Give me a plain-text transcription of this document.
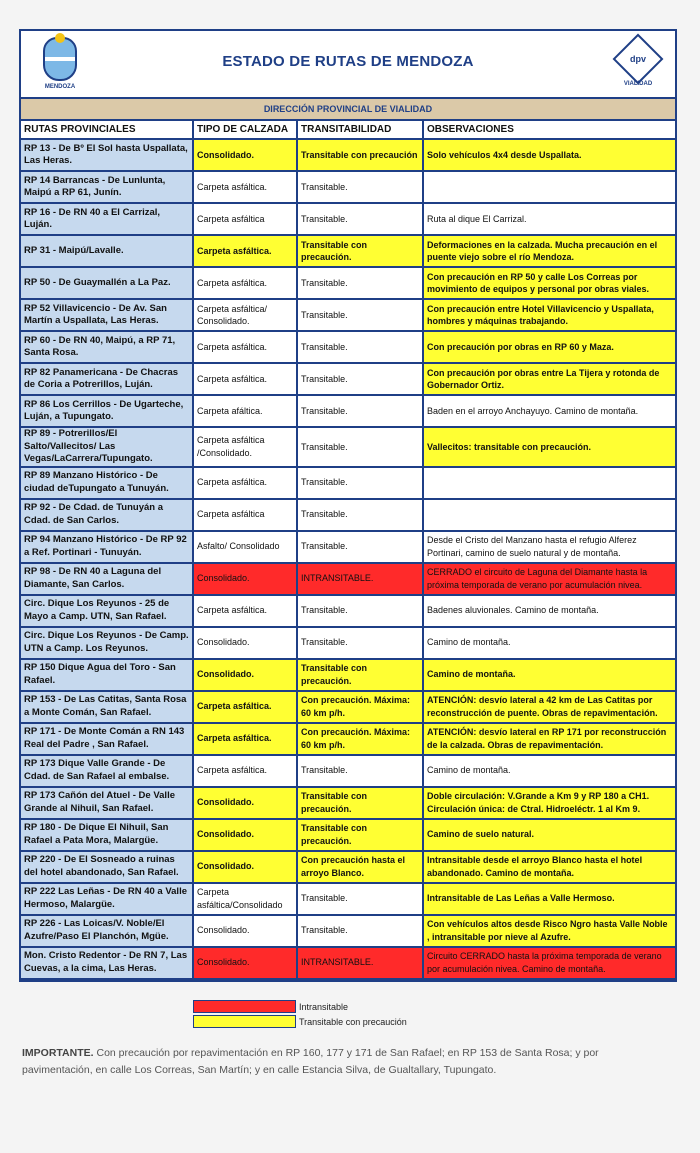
MENDOZA
ESTADO DE RUTAS DE MENDOZA	dpv
VIALIDAD
DIRECCIÓN PROVINCIAL DE VIALIDAD
RUTAS PROVINCIALES	TIPO DE CALZADA	TRANSITABILIDAD	OBSERVACIONES
RP 13 - De Bº El Sol hasta Uspallata, Las Heras.	Consolidado.	Transitable con precaución	Solo vehículos 4x4 desde Uspallata.
RP 14 Barrancas - De Lunlunta, Maipú a RP 61, Junín.	Carpeta asfáltica.	Transitable.	
RP 16 - De RN 40 a El Carrizal, Luján.	Carpeta asfáltica	Transitable.	Ruta al dique El Carrizal.
RP 31 - Maipú/Lavalle.	Carpeta asfáltica.	Transitable con precaución.	Deformaciones en la calzada. Mucha precaución en el puente viejo sobre el río Mendoza.
RP 50 - De Guaymallén a La Paz.	Carpeta asfáltica.	Transitable.	Con precaución en RP 50 y calle Los Correas por movimiento de equipos y personal por obras viales.
RP 52 Villavicencio - De Av. San Martín a Uspallata, Las Heras.	Carpeta asfáltica/ Consolidado.	Transitable.	Con precaución entre Hotel Villavicencio y Uspallata, hombres y máquinas trabajando.
RP 60 - De RN 40, Maipú, a RP 71, Santa Rosa.	Carpeta asfáltica.	Transitable.	Con precaución por obras en RP 60 y Maza.
RP 82 Panamericana - De Chacras de Coria a Potrerillos, Luján.	Carpeta asfáltica.	Transitable.	Con precaución por obras entre La Tijera y rotonda de Gobernador Ortiz.
RP 86 Los Cerrillos - De Ugarteche, Luján, a Tupungato.	Carpeta afáltica.	Transitable.	Baden en el arroyo Anchayuyo. Camino de montaña.
RP 89 - Potrerillos/El Salto/Vallecitos/ Las Vegas/LaCarrera/Tupungato.	Carpeta asfáltica /Consolidado.	Transitable.	Vallecitos: transitable con precaución.
RP 89 Manzano Histórico - De ciudad deTupungato a Tunuyán.	Carpeta asfáltica.	Transitable.	
RP 92 - De Cdad. de Tunuyán a Cdad. de San Carlos.	Carpeta asfáltica	Transitable.	
RP 94 Manzano Histórico - De RP 92 a Ref. Portinari - Tunuyán.	Asfalto/ Consolidado	Transitable.	Desde el Cristo del Manzano hasta el refugio Alferez Portinari, camino de suelo natural y de montaña.
RP 98 - De RN 40 a Laguna del Diamante, San Carlos.	Consolidado.	INTRANSITABLE.	CERRADO el circuito de Laguna del Diamante hasta la próxima temporada de verano por acumulación nivea.
Circ. Dique Los Reyunos - 25 de Mayo a Camp. UTN, San Rafael.	Carpeta asfáltica.	Transitable.	Badenes aluvionales. Camino de montaña.
Circ. Dique Los Reyunos - De Camp. UTN a Camp. Los Reyunos.	Consolidado.	Transitable.	Camino de montaña.
RP 150 Dique Agua del Toro - San Rafael.	Consolidado.	Transitable con precaución.	Camino de montaña.
RP 153 - De Las Catitas, Santa Rosa a Monte Comán, San Rafael.	Carpeta asfáltica.	Con precaución. Máxima: 60 km p/h.	ATENCIÓN: desvío lateral a 42 km de Las Catitas por reconstrucción de puente. Obras de repavimentación.
RP 171 - De Monte Comán a RN 143 Real del Padre , San Rafael.	Carpeta asfáltica.	Con precaución. Máxima: 60 km p/h.	ATENCIÓN: desvío lateral en RP 171 por reconstrucción de la calzada. Obras de repavimentación.
RP 173 Dique Valle Grande - De Cdad. de San Rafael al embalse.	Carpeta asfáltica.	Transitable.	Camino de montaña.
RP 173 Cañón del Atuel - De Valle Grande al Nihuil, San Rafael.	Consolidado.	Transitable con precaución.	Doble circulación: V.Grande a Km 9 y RP 180 a CH1. Circulación única: de Ctral. Hidroeléctr. 1 al Km 9.
RP 180 - De Dique El Nihuil, San Rafael a Pata Mora, Malargüe.	Consolidado.	Transitable con precaución.	Camino de suelo natural.
RP 220 - De El Sosneado a ruinas del hotel abandonado, San Rafael.	Consolidado.	Con precaución hasta el arroyo Blanco.	Intransitable desde el arroyo Blanco hasta el hotel abandonado. Camino de montaña.
RP 222 Las Leñas - De RN 40 a Valle Hermoso, Malargüe.	Carpeta asfáltica/Consolidado	Transitable.	Intransitable de Las Leñas a Valle Hermoso.
RP 226 - Las Loicas/V. Noble/El Azufre/Paso El Planchón, Mgüe.	Consolidado.	Transitable.	Con vehículos altos desde Risco Ngro hasta Valle Noble , intransitable por nieve al Azufre.
Mon. Cristo Redentor - De RN 7, Las Cuevas, a la cima, Las Heras.	Consolidado.	INTRANSITABLE.	Circuito CERRADO hasta la próxima temporada de verano por acumulación nivea. Camino de montaña.
Intransitable
Transitable con precaución
IMPORTANTE. Con precaución por repavimentación en RP 160, 177 y 171 de San Rafael; en RP 153 de Santa Rosa; y por pavimentación, en calle Los Correas, San Martín; y en calle Estancia Silva, de Gualtallary, Tupungato.
